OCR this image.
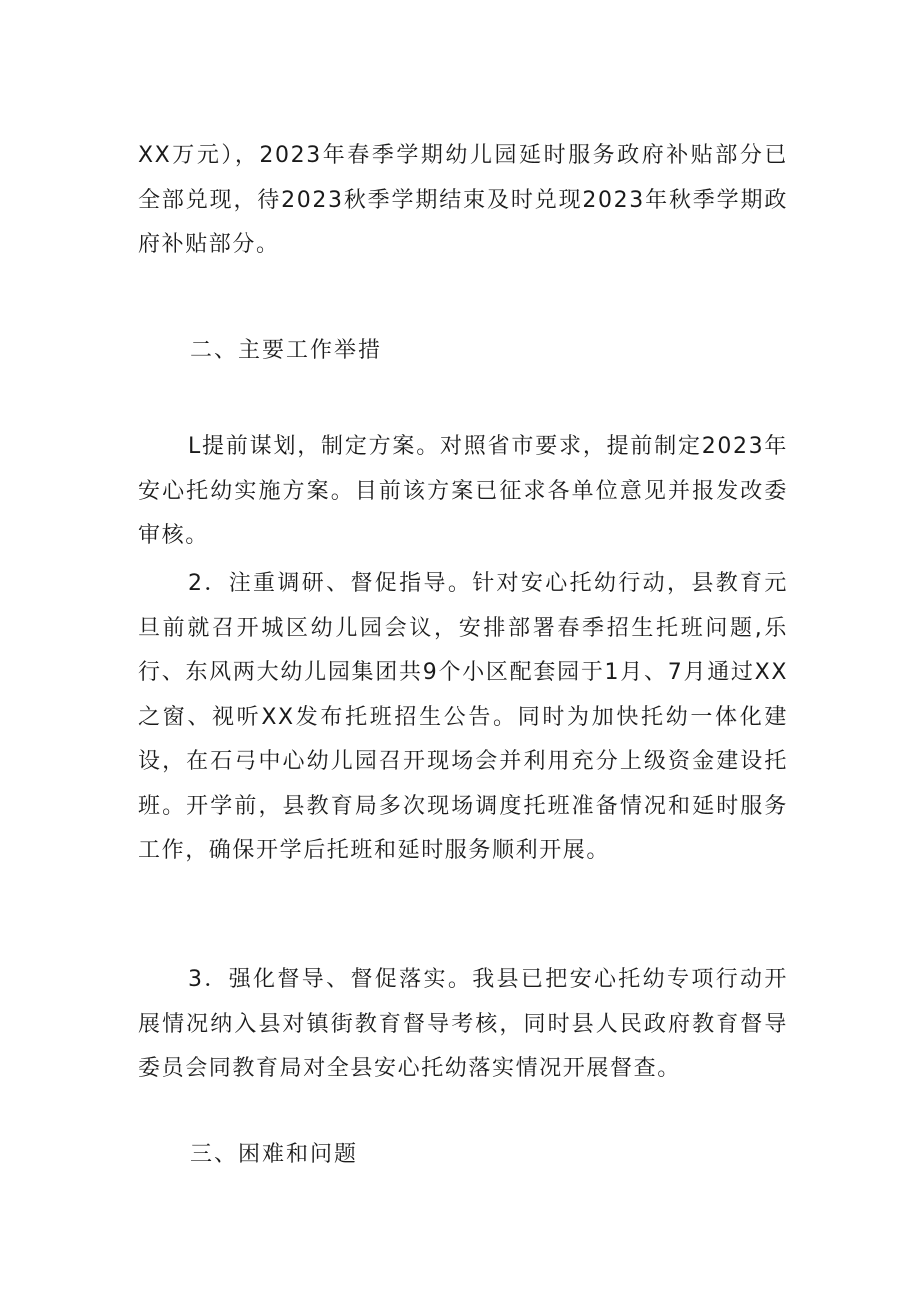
XX万元），2023年春季学期幼儿园延时服务政府补贴部分已全部兑现，待2023秋季学期结束及时兑现2023年秋季学期政府补贴部分。

二、主要工作举措

L提前谋划，制定方案。对照省市要求，提前制定2023年安心托幼实施方案。目前该方案已征求各单位意见并报发改委审核。

2．注重调研、督促指导。针对安心托幼行动，县教育元旦前就召开城区幼儿园会议，安排部署春季招生托班问题,乐行、东风两大幼儿园集团共9个小区配套园于1月、7月通过XX之窗、视听XX发布托班招生公告。同时为加快托幼一体化建设，在石弓中心幼儿园召开现场会并利用充分上级资金建设托班。开学前，县教育局多次现场调度托班准备情况和延时服务工作，确保开学后托班和延时服务顺利开展。

3．强化督导、督促落实。我县已把安心托幼专项行动开展情况纳入县对镇街教育督导考核，同时县人民政府教育督导委员会同教育局对全县安心托幼落实情况开展督查。

三、困难和问题
